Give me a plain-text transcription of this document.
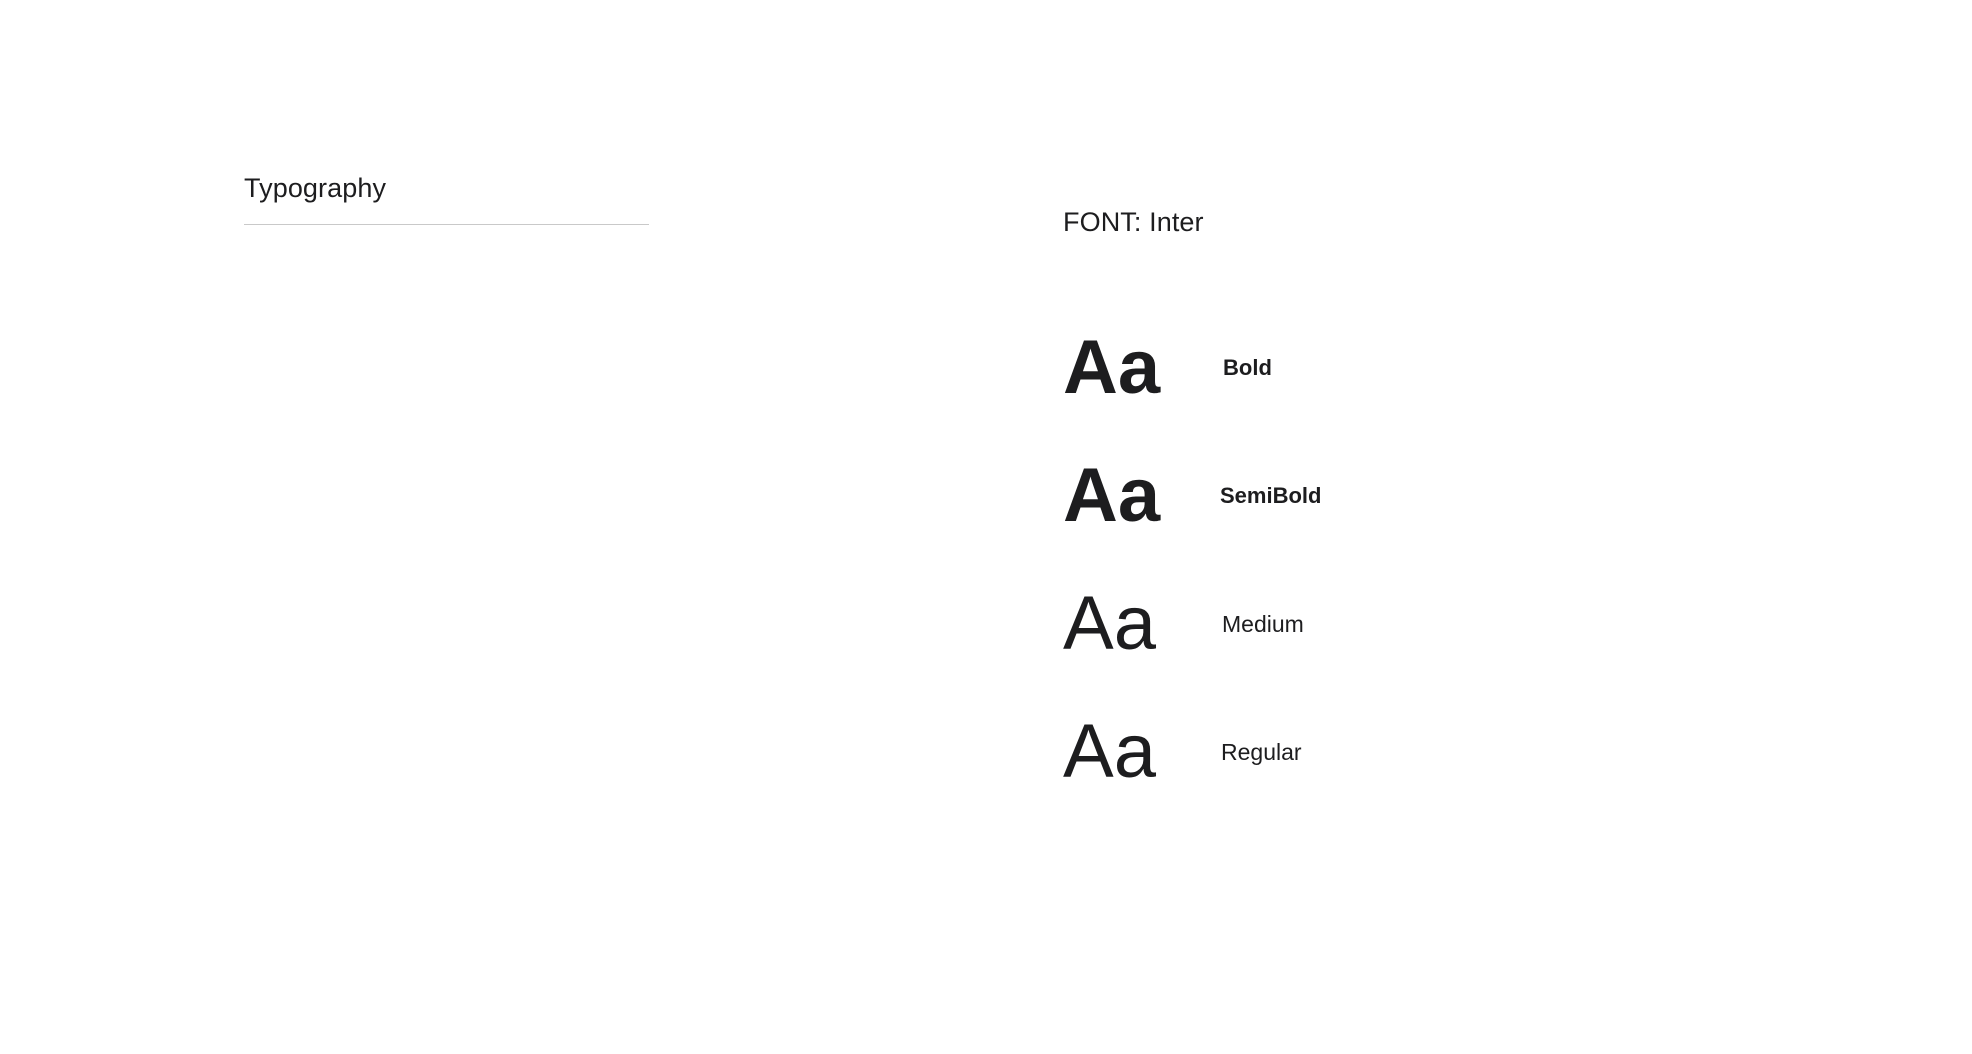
Typography
FONT: Inter
Aa	Bold
Aa	SemiBold
Aa	Medium
Aa	Regular
